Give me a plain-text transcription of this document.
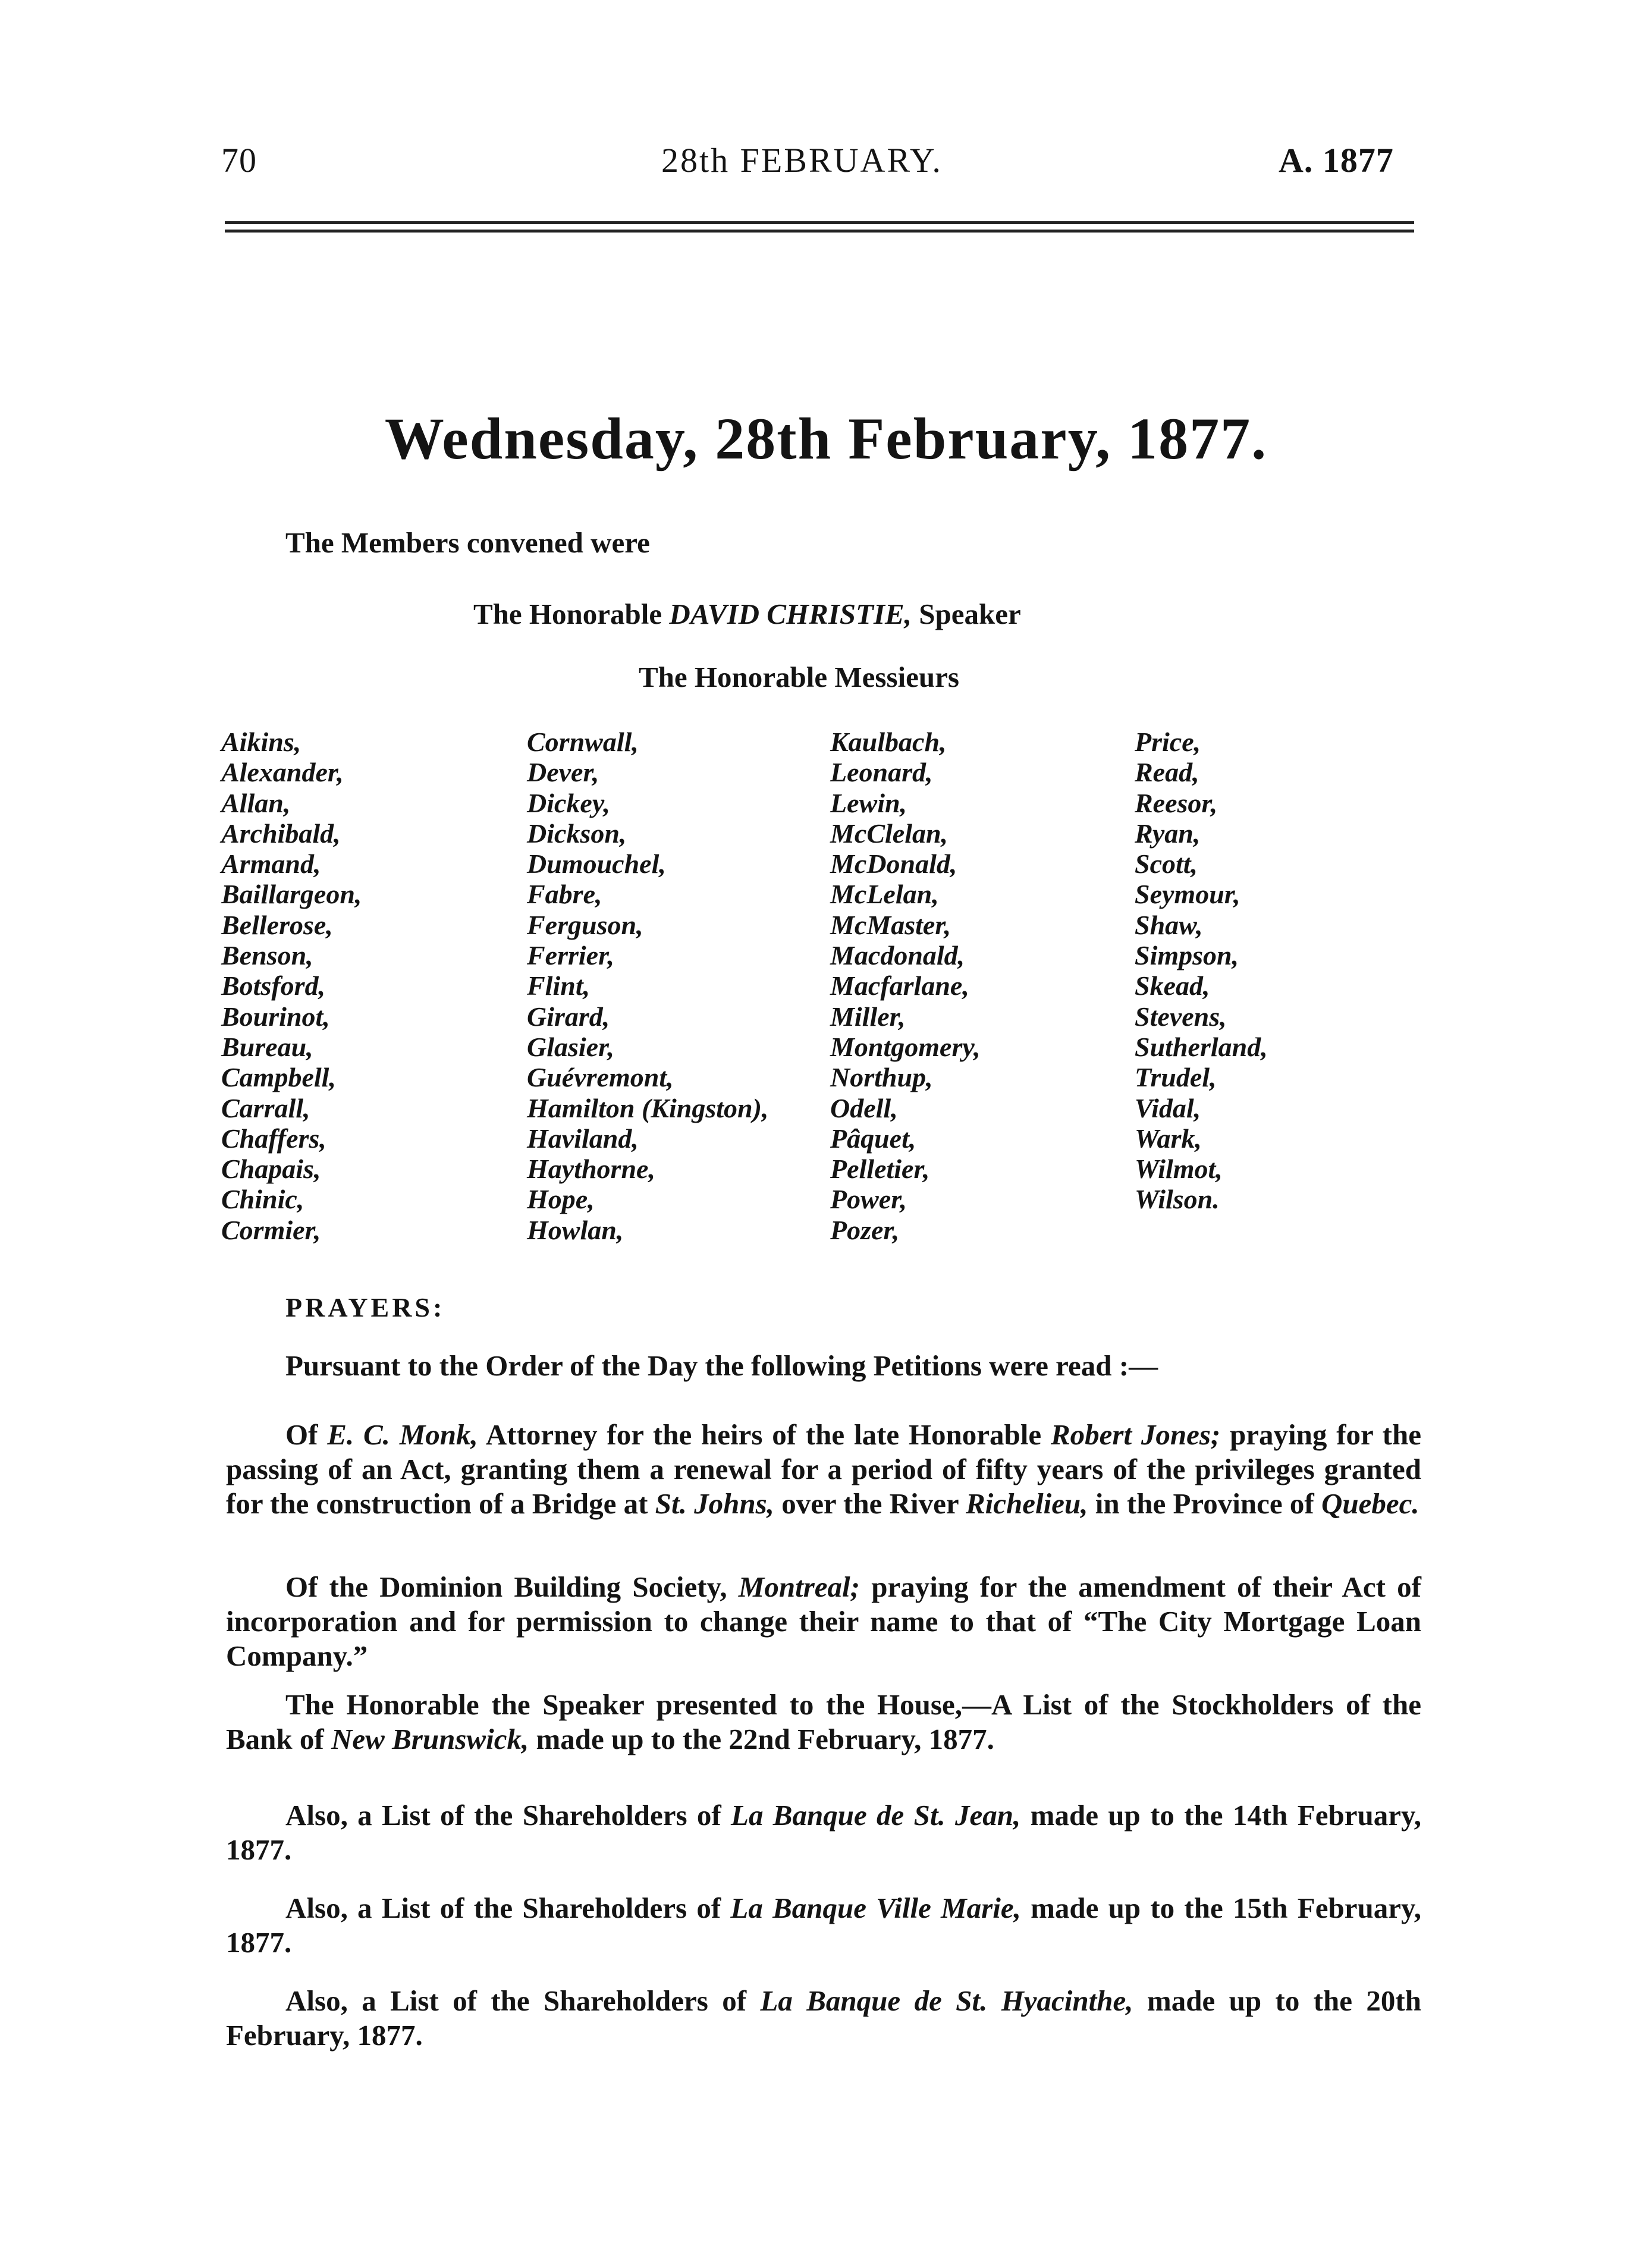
70	28th FEBRUARY.	A. 1877
Wednesday, 28th February, 1877.
The Members convened were
The Honorable DAVID CHRISTIE, Speaker
The Honorable Messieurs
Aikins,
Alexander,
Allan,
Archibald,
Armand,
Baillargeon,
Bellerose,
Benson,
Botsford,
Bourinot,
Bureau,
Campbell,
Carrall,
Chaffers,
Chapais,
Chinic,
Cormier,
Cornwall,
Dever,
Dickey,
Dickson,
Dumouchel,
Fabre,
Ferguson,
Ferrier,
Flint,
Girard,
Glasier,
Guévremont,
Hamilton (Kingston),
Haviland,
Haythorne,
Hope,
Howlan,
Kaulbach,
Leonard,
Lewin,
McClelan,
McDonald,
McLelan,
McMaster,
Macdonald,
Macfarlane,
Miller,
Montgomery,
Northup,
Odell,
Pâquet,
Pelletier,
Power,
Pozer,
Price,
Read,
Reesor,
Ryan,
Scott,
Seymour,
Shaw,
Simpson,
Skead,
Stevens,
Sutherland,
Trudel,
Vidal,
Wark,
Wilmot,
Wilson.
PRAYERS:
Pursuant to the Order of the Day the following Petitions were read :—
Of E. C. Monk, Attorney for the heirs of the late Honorable Robert Jones; praying for the passing of an Act, granting them a renewal for a period of fifty years of the privileges granted for the construction of a Bridge at St. Johns, over the River Richelieu, in the Province of Quebec.
Of the Dominion Building Society, Montreal; praying for the amendment of their Act of incorporation and for permission to change their name to that of “The City Mortgage Loan Company.”
The Honorable the Speaker presented to the House,—A List of the Stockholders of the Bank of New Brunswick, made up to the 22nd February, 1877.
Also, a List of the Shareholders of La Banque de St. Jean, made up to the 14th February, 1877.
Also, a List of the Shareholders of La Banque Ville Marie, made up to the 15th February, 1877.
Also, a List of the Shareholders of La Banque de St. Hyacinthe, made up to the 20th February, 1877.
